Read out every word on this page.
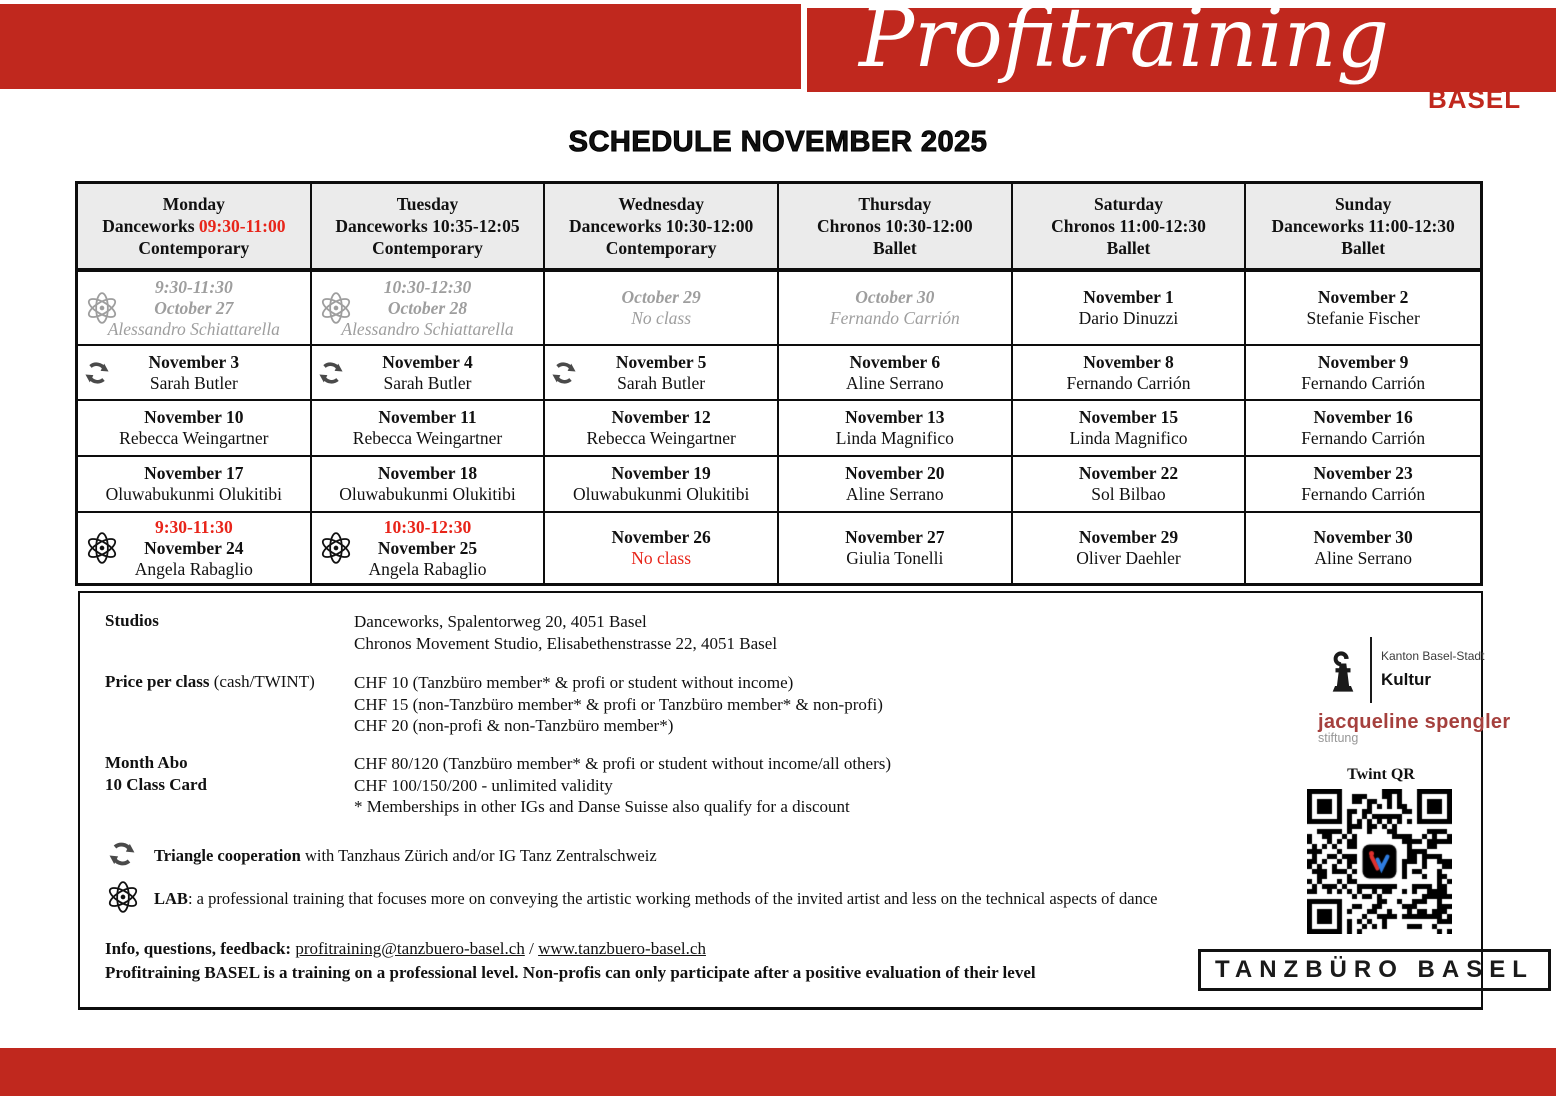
Profitraining
BASEL
SCHEDULE NOVEMBER 2025
Monday
Danceworks 09:30-11:00
Contemporary
Tuesday
Danceworks 10:35-12:05
Contemporary
Wednesday
Danceworks 10:30-12:00
Contemporary
Thursday
Chronos 10:30-12:00
Ballet
Saturday
Chronos 11:00-12:30
Ballet
Sunday
Danceworks 11:00-12:30
Ballet
9:30-11:30
October 27
Alessandro Schiattarella
10:30-12:30
October 28
Alessandro Schiattarella
October 29
No class
October 30
Fernando Carrión
November 1
Dario Dinuzzi
November 2
Stefanie Fischer
November 3
Sarah Butler
November 4
Sarah Butler
November 5
Sarah Butler
November 6
Aline Serrano
November 8
Fernando Carrión
November 9
Fernando Carrión
November 10
Rebecca Weingartner
November 11
Rebecca Weingartner
November 12
Rebecca Weingartner
November 13
Linda Magnifico
November 15
Linda Magnifico
November 16
Fernando Carrión
November 17
Oluwabukunmi Olukitibi
November 18
Oluwabukunmi Olukitibi
November 19
Oluwabukunmi Olukitibi
November 20
Aline Serrano
November 22
Sol Bilbao
November 23
Fernando Carrión
9:30-11:30
November 24
Angela Rabaglio
10:30-12:30
November 25
Angela Rabaglio
November 26
No class
November 27
Giulia Tonelli
November 29
Oliver Daehler
November 30
Aline Serrano
Studios	Danceworks, Spalentorweg 20, 4051 Basel
Chronos Movement Studio, Elisabethenstrasse 22, 4051 Basel
Price per class (cash/TWINT) CHF 10 (Tanzbüro member* & profi or student without income)
CHF 15 (non-Tanzbüro member* & profi or Tanzbüro member* & non-profi)
CHF 20 (non-profi & non-Tanzbüro member*)
Month Abo
10 Class Card
CHF 80/120 (Tanzbüro member* & profi or student without income/all others)
CHF 100/150/200 - unlimited validity
* Memberships in other IGs and Danse Suisse also qualify for a discount
Triangle cooperation with Tanzhaus Zürich and/or IG Tanz Zentralschweiz
LAB: a professional training that focuses more on conveying the artistic working methods of the invited artist and less on the technical aspects of dance
Info, questions, feedback: profitraining@tanzbuero-basel.ch / www.tanzbuero-basel.ch
Profitraining BASEL is a training on a professional level. Non-profis can only participate after a positive evaluation of their level
Kanton Basel-Stadt
Kultur
jacqueline spengler
stiftung
Twint QR
TANZBÜRO BASEL
